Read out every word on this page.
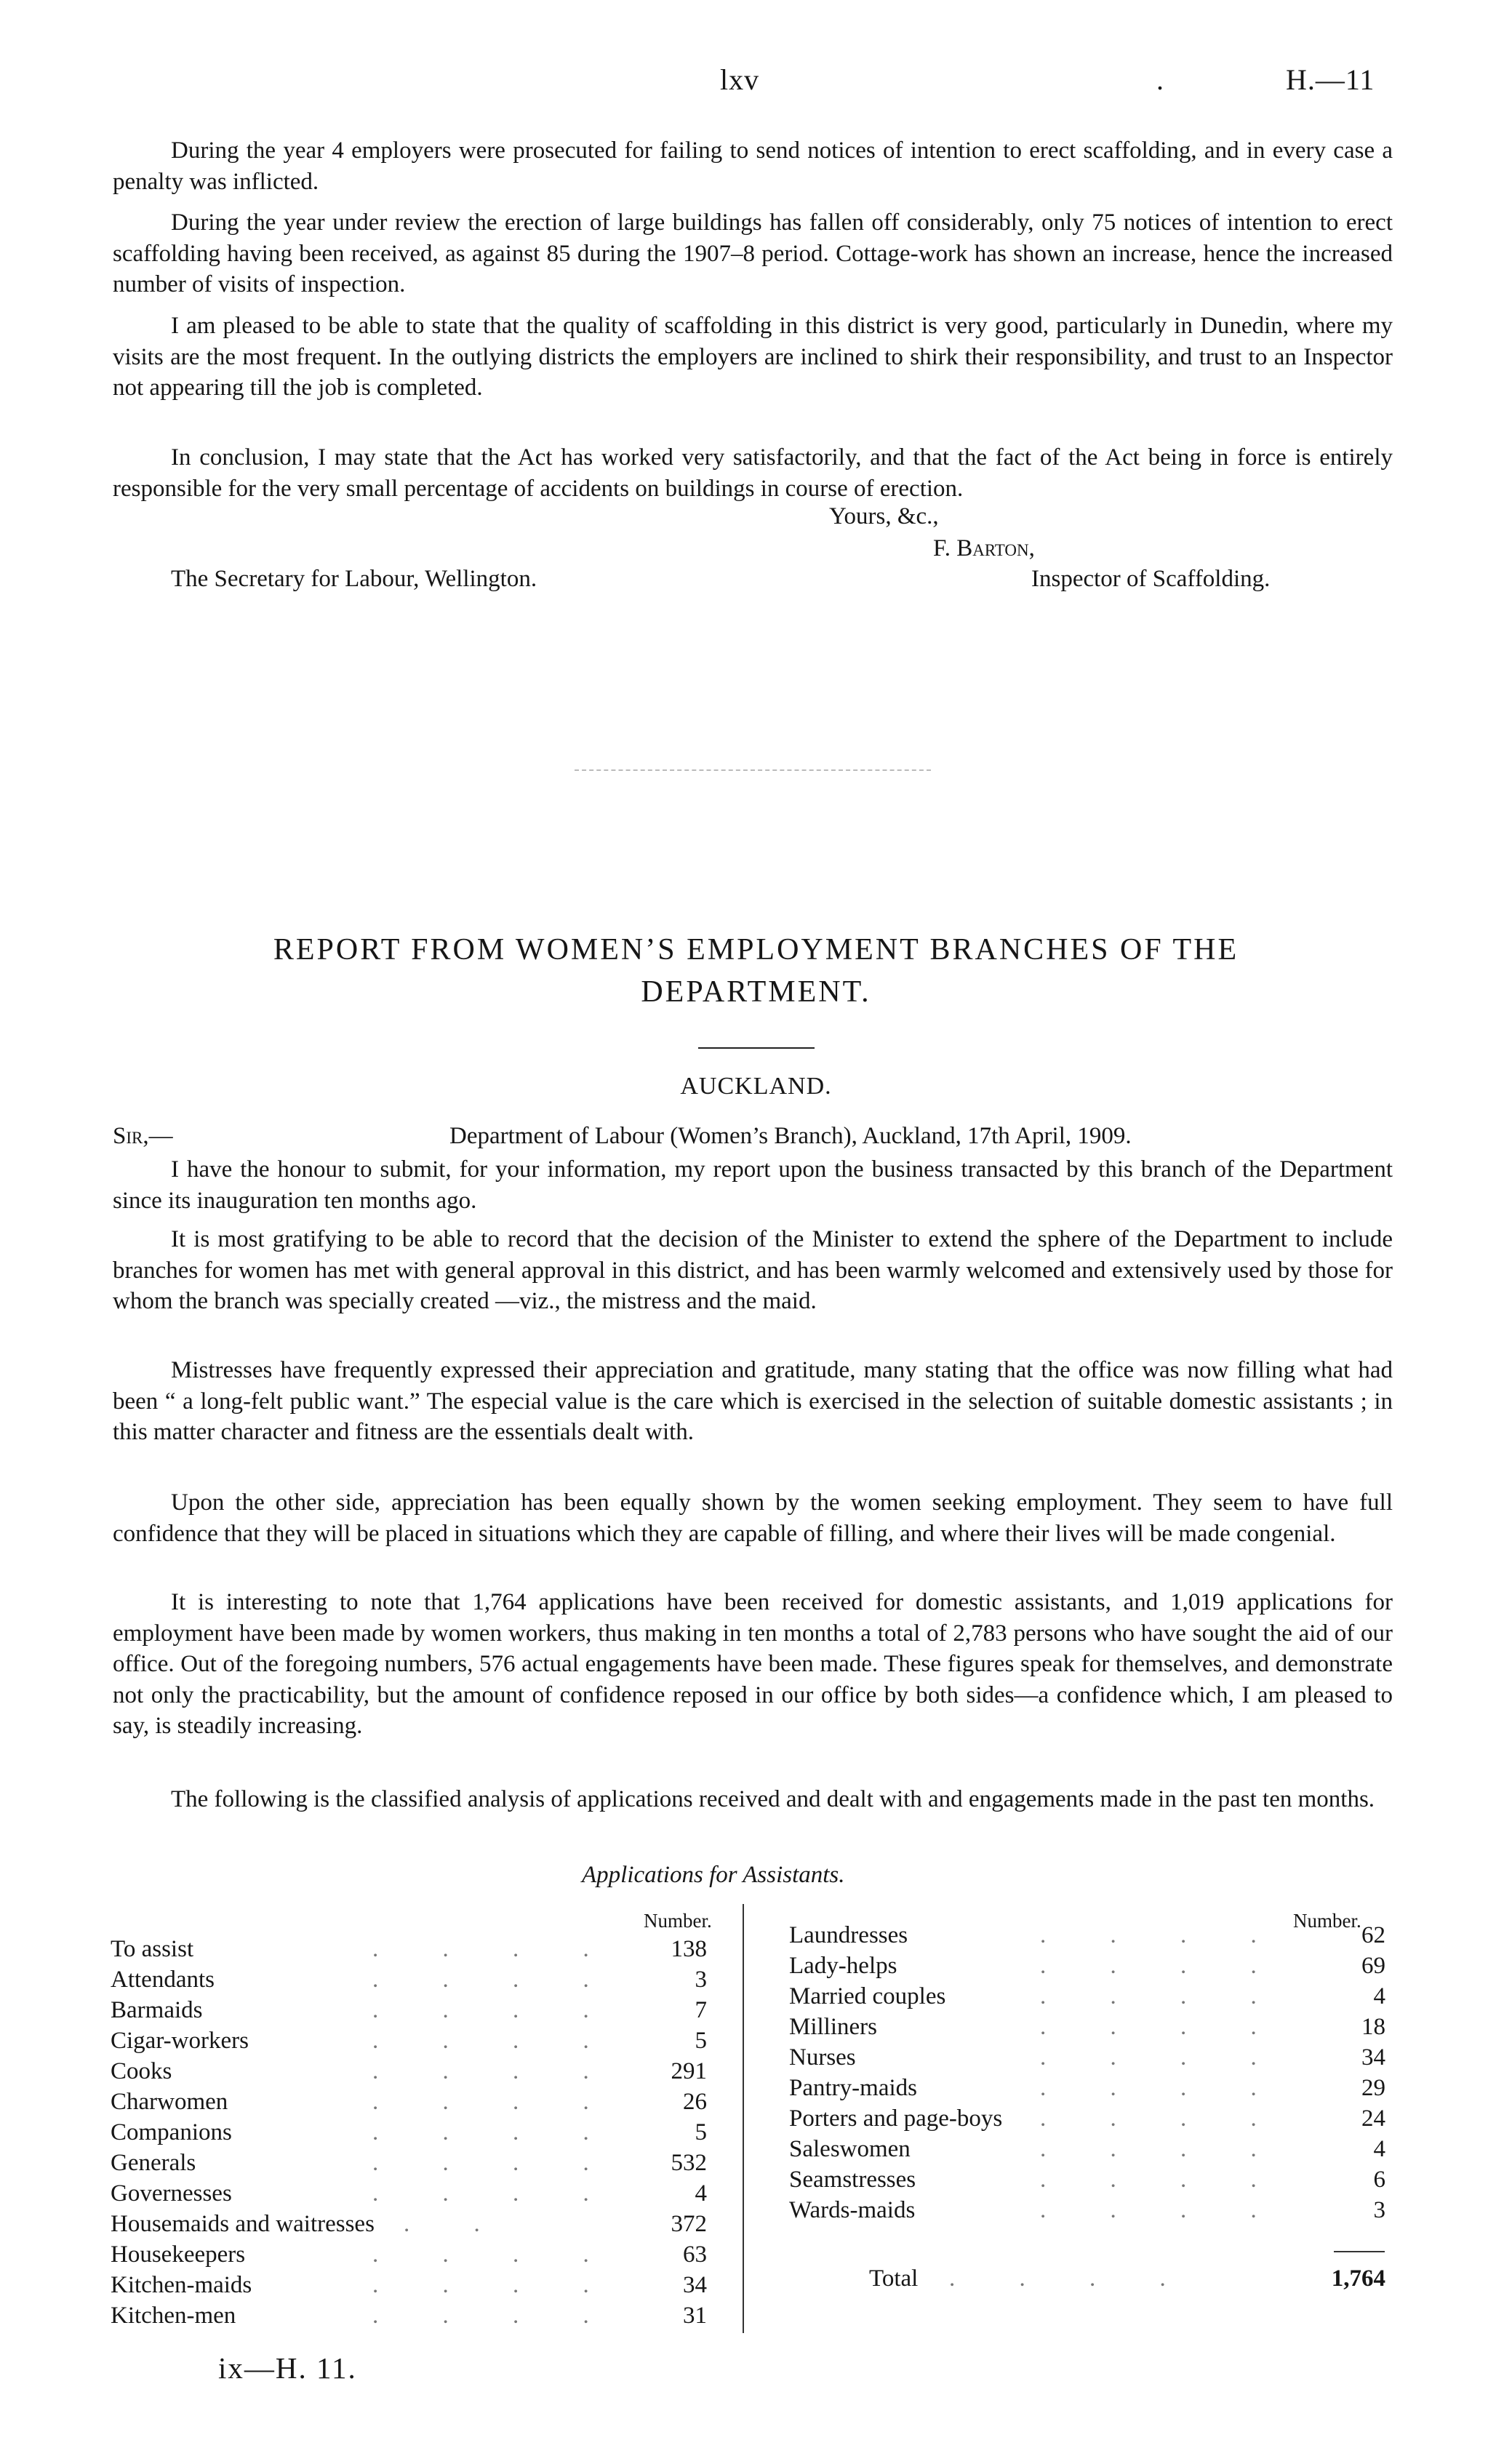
lxv	.	H.—11

During the year 4 employers were prosecuted for failing to send notices of intention to erect scaffolding, and in every case a penalty was inflicted.

During the year under review the erection of large buildings has fallen off considerably, only 75 notices of intention to erect scaffolding having been received, as against 85 during the 1907–8 period. Cottage-work has shown an increase, hence the increased number of visits of inspection.

I am pleased to be able to state that the quality of scaffolding in this district is very good, particularly in Dunedin, where my visits are the most frequent. In the outlying districts the employers are inclined to shirk their responsibility, and trust to an Inspector not appearing till the job is completed.

In conclusion, I may state that the Act has worked very satisfactorily, and that the fact of the Act being in force is entirely responsible for the very small percentage of accidents on buildings in course of erection.

Yours, &c.,
F. Barton,
The Secretary for Labour, Wellington.	Inspector of Scaffolding.
REPORT FROM WOMEN’S EMPLOYMENT BRANCHES OF THE
DEPARTMENT.
AUCKLAND.
Sir,—	Department of Labour (Women’s Branch), Auckland, 17th April, 1909.

I have the honour to submit, for your information, my report upon the business transacted by this branch of the Department since its inauguration ten months ago.

It is most gratifying to be able to record that the decision of the Minister to extend the sphere of the Department to include branches for women has met with general approval in this district, and has been warmly welcomed and extensively used by those for whom the branch was specially created —viz., the mistress and the maid.

Mistresses have frequently expressed their appreciation and gratitude, many stating that the office was now filling what had been “ a long-felt public want.” The especial value is the care which is exercised in the selection of suitable domestic assistants ; in this matter character and fitness are the essentials dealt with.

Upon the other side, appreciation has been equally shown by the women seeking employment. They seem to have full confidence that they will be placed in situations which they are capable of filling, and where their lives will be made congenial.

It is interesting to note that 1,764 applications have been received for domestic assistants, and 1,019 applications for employment have been made by women workers, thus making in ten months a total of 2,783 persons who have sought the aid of our office. Out of the foregoing numbers, 576 actual engagements have been made. These figures speak for themselves, and demonstrate not only the practicability, but the amount of confidence reposed in our office by both sides—a confidence which, I am pleased to say, is steadily increasing.

The following is the classified analysis of applications received and dealt with and engagements made in the past ten months.

Applications for Assistants.
Number.	Number.
To assist	. . . . 138
Attendants	. . . .	3
Barmaids	. . . .	7
Cigar-workers	. . . .	5
Cooks	. . . . 291
Charwomen	. . . .	26
Companions	. . . .	5
Generals	. . . . 532
Governesses	. . . .	4
Housemaids and waitresses . .	372
Housekeepers	. . . .	63
Kitchen-maids	. . . .	34
Kitchen-men	. . . .	31
Laundresses	. . . .	62
Lady-helps	. . . .	69
Married couples	. . . .	4
Milliners	. . . .	18
Nurses	. . . .	34
Pantry-maids	. . . .	29
Porters and page-boys . . . .	24
Saleswomen	. . . .	4
Seamstresses	. . . .	6
Wards-maids	. . . .	3
Total . . . .	1,764
ix—H. 11.
